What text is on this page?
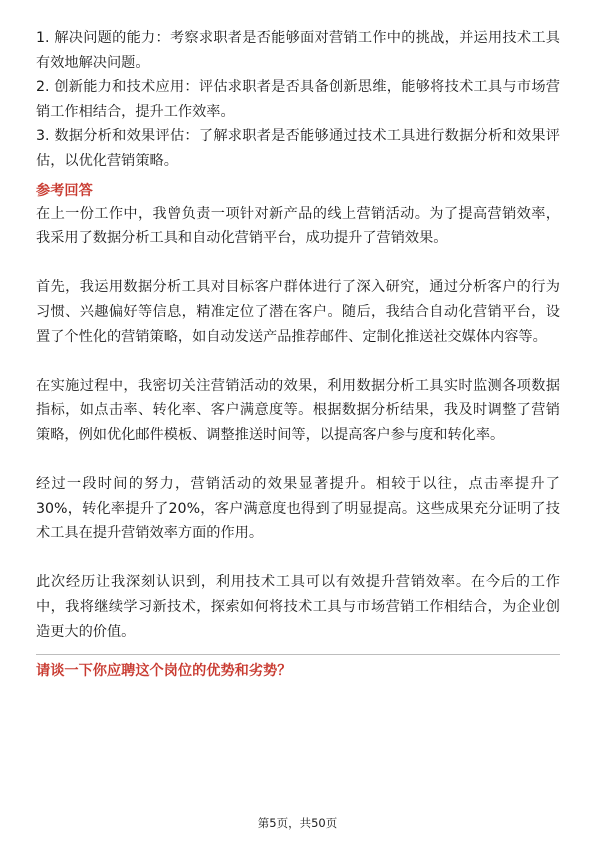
1. 解决问题的能力：考察求职者是否能够面对营销工作中的挑战，并运用技术工具有效地解决问题。

2. 创新能力和技术应用：评估求职者是否具备创新思维，能够将技术工具与市场营销工作相结合，提升工作效率。

3. 数据分析和效果评估：了解求职者是否能够通过技术工具进行数据分析和效果评估，以优化营销策略。

参考回答

在上一份工作中，我曾负责一项针对新产品的线上营销活动。为了提高营销效率，我采用了数据分析工具和自动化营销平台，成功提升了营销效果。

首先，我运用数据分析工具对目标客户群体进行了深入研究，通过分析客户的行为习惯、兴趣偏好等信息，精准定位了潜在客户。随后，我结合自动化营销平台，设置了个性化的营销策略，如自动发送产品推荐邮件、定制化推送社交媒体内容等。

在实施过程中，我密切关注营销活动的效果，利用数据分析工具实时监测各项数据指标，如点击率、转化率、客户满意度等。根据数据分析结果，我及时调整了营销策略，例如优化邮件模板、调整推送时间等，以提高客户参与度和转化率。

经过一段时间的努力，营销活动的效果显著提升。相较于以往，点击率提升了30%，转化率提升了20%，客户满意度也得到了明显提高。这些成果充分证明了技术工具在提升营销效率方面的作用。

此次经历让我深刻认识到，利用技术工具可以有效提升营销效率。在今后的工作中，我将继续学习新技术，探索如何将技术工具与市场营销工作相结合，为企业创造更大的价值。

请谈一下你应聘这个岗位的优势和劣势？
第5页，共50页
